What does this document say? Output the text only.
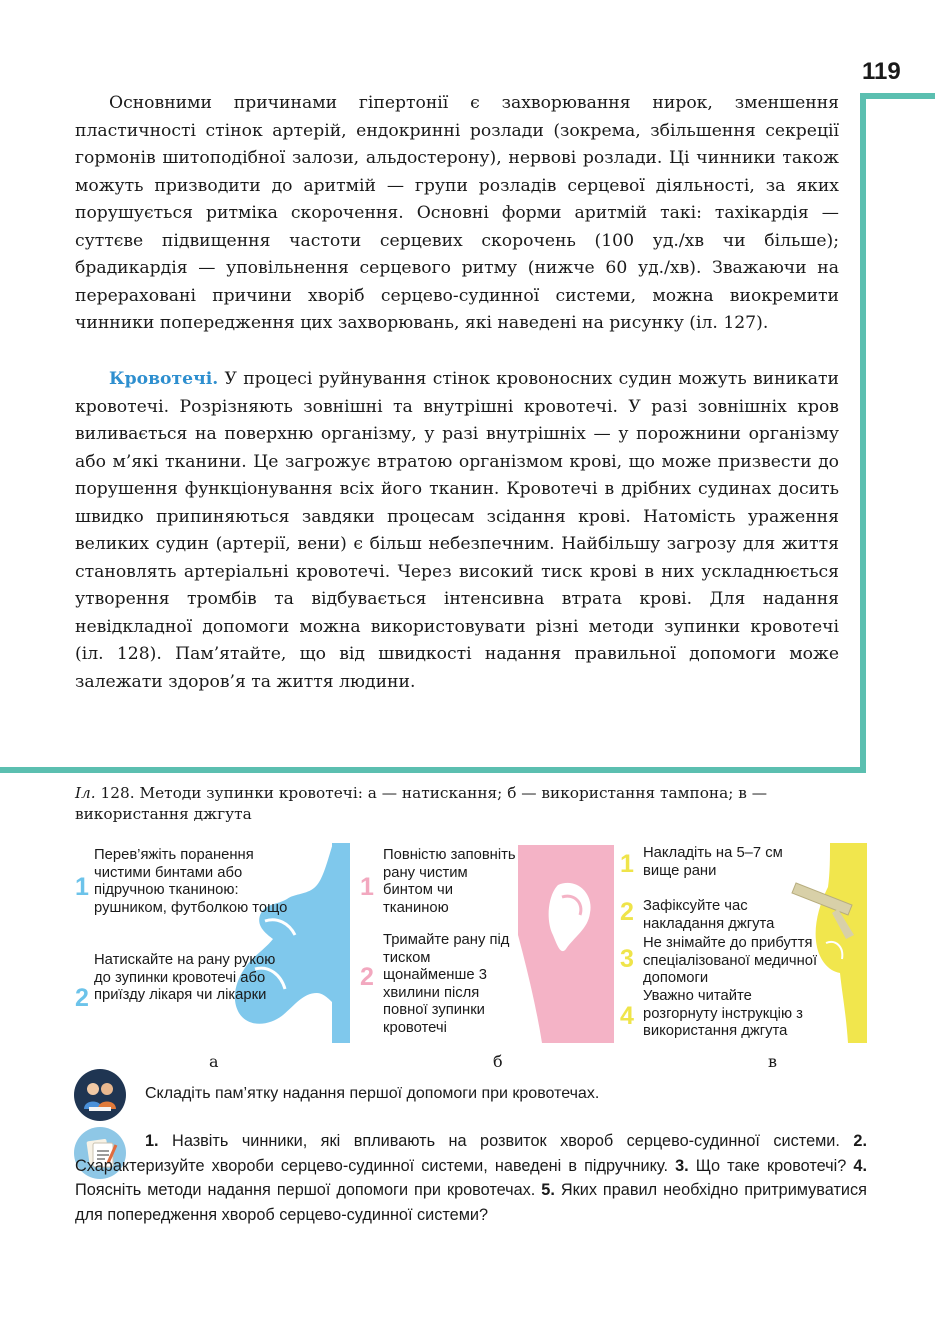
119

Основними причинами гіпертонії є захворювання нирок, зменшення пластичності стінок артерій, ендокринні розлади (зокрема, збільшення секреції гормонів шитоподібної залози, альдостерону), нервові розлади. Ці чинники також можуть призводити до аритмій — групи розладів серцевої діяльності, за яких порушується ритміка скорочення. Основні форми аритмій такі: тахікардія — суттєве підвищення частоти серцевих скорочень (100 уд./хв чи більше); брадикардія — уповільнення серцевого ритму (нижче 60 уд./хв). Зважаючи на перераховані причини хворіб серцево-судинної системи, можна виокремити чинники попередження цих захворювань, які наведені на рисунку (іл. 127).

Кровотечі. У процесі руйнування стінок кровоносних судин можуть виникати кровотечі. Розрізняють зовнішні та внутрішні кровотечі. У разі зовнішніх кров виливається на поверхню організму, у разі внутрішніх — у порожнини організму або м’які тканини. Це загрожує втратою організмом крові, що може призвести до порушення функціонування всіх його тканин. Кровотечі в дрібних судинах досить швидко припиняються завдяки процесам зсідання крові. Натомість ураження великих судин (артерії, вени) є більш небезпечним. Найбільшу загрозу для життя становлять артеріальні кровотечі. Через високий тиск крові в них ускладнюється утворення тромбів та відбувається інтенсивна втрата крові. Для надання невідкладної допомоги можна використовувати різні методи зупинки кровотечі (іл. 128). Пам’ятайте, що від швидкості надання правильної допомоги може залежати здоров’я та життя людини.

Іл. 128. Методи зупинки кровотечі: а — натискання; б — використання тампона; в — використання джгута

1
Перев’яжіть поранення чистими бинтами або підручною тканиною: рушником, футболкою тощо
2
Натискайте на рану рукою до зупинки кровотечі або приїзду лікаря чи лікарки
а
1
Повністю заповніть рану чистим бинтом чи тканиною
2
Тримайте рану під тиском щонайменше 3 хвилини після повної зупинки кровотечі
б
1 Накладіть на 5–7 см вище рани
2 Зафіксуйте час накладання джгута
3
Не знімайте до прибуття спеціалізованої медичної допомоги
4
Уважно читайте розгорнуту інструкцію з використання джгута
в
Складіть пам’ятку надання першої допомоги при кровотечах.

1. Назвіть чинники, які впливають на розвиток хвороб серцево-судинної системи. 2. Схарактеризуйте хвороби серцево-судинної системи, наведені в підручнику. 3. Що таке кровотечі? 4. Поясніть методи надання першої допомоги при кровотечах. 5. Яких правил необхідно притримуватися для попередження хвороб серцево-судинної системи?
